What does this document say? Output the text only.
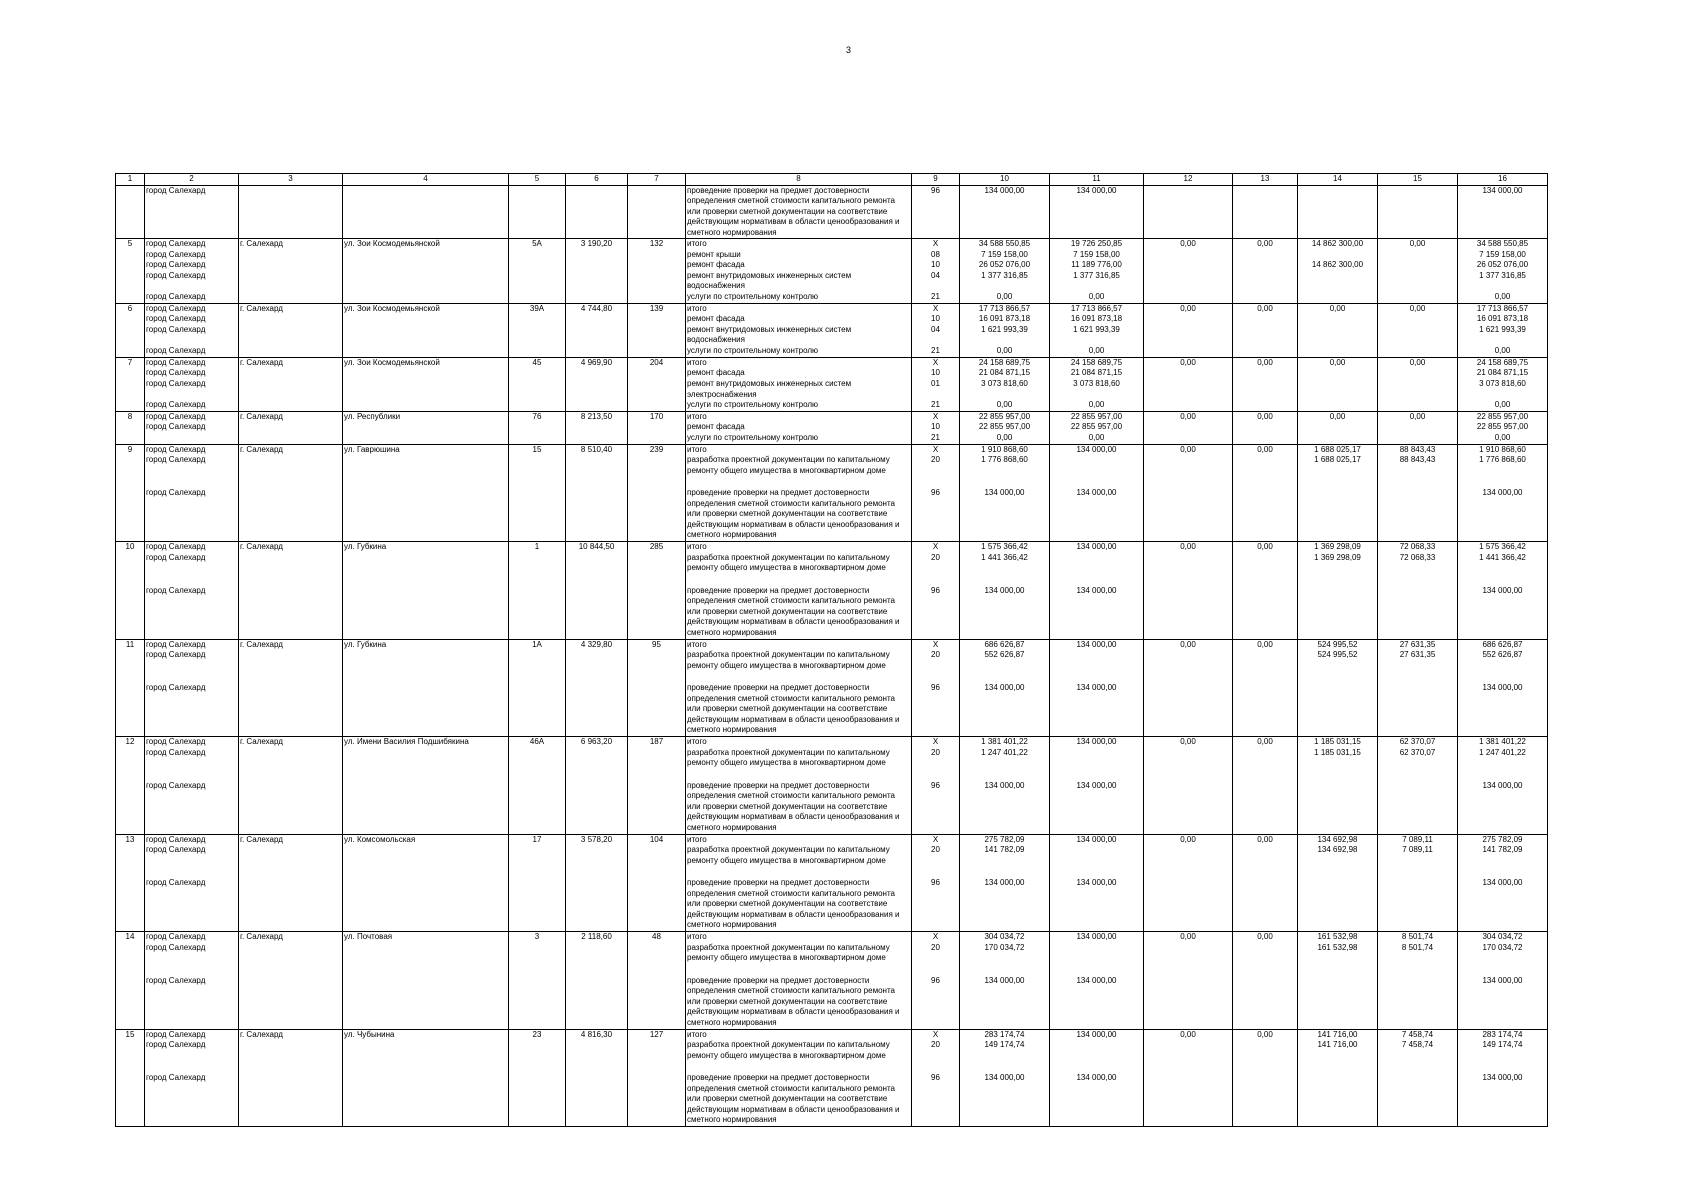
3
1	2	3	4	5	6	7	8	9	10	11	12	13	14	15	16
	город Салехард						проведение проверки на предмет достоверности определения сметной стоимости капитального ремонта или проверки сметной документации на соответствие действующим нормативам в области ценообразования и сметного нормирования	96	134 000,00	134 000,00					134 000,00
5	город Салехард	г. Салехард	ул. Зои Космодемьянской	5А	3 190,20	132	итого	X	34 588 550,85	19 726 250,85	0,00	0,00	14 862 300,00	0,00	34 588 550,85
	город Салехард						ремонт крыши	08	7 159 158,00	7 159 158,00					7 159 158,00
	город Салехард						ремонт фасада	10	26 052 076,00	11 189 776,00			14 862 300,00		26 052 076,00
	город Салехард						ремонт внутридомовых инженерных систем водоснабжения	04	1 377 316,85	1 377 316,85					1 377 316,85
	город Салехард						услуги по строительному контролю	21	0,00	0,00					0,00
6	город Салехард	г. Салехард	ул. Зои Космодемьянской	39А	4 744,80	139	итого	X	17 713 866,57	17 713 866,57	0,00	0,00	0,00	0,00	17 713 866,57
	город Салехард						ремонт фасада	10	16 091 873,18	16 091 873,18					16 091 873,18
	город Салехард						ремонт внутридомовых инженерных систем водоснабжения	04	1 621 993,39	1 621 993,39					1 621 993,39
	город Салехард						услуги по строительному контролю	21	0,00	0,00					0,00
7	город Салехард	г. Салехард	ул. Зои Космодемьянской	45	4 969,90	204	итого	X	24 158 689,75	24 158 689,75	0,00	0,00	0,00	0,00	24 158 689,75
	город Салехард						ремонт фасада	10	21 084 871,15	21 084 871,15					21 084 871,15
	город Салехард						ремонт внутридомовых инженерных систем электроснабжения	01	3 073 818,60	3 073 818,60					3 073 818,60
	город Салехард						услуги по строительному контролю	21	0,00	0,00					0,00
8	город Салехард	г. Салехард	ул. Республики	76	8 213,50	170	итого	X	22 855 957,00	22 855 957,00	0,00	0,00	0,00	0,00	22 855 957,00
	город Салехард						ремонт фасада	10	22 855 957,00	22 855 957,00					22 855 957,00
							услуги по строительному контролю	21	0,00	0,00					0,00
9	город Салехард	г. Салехард	ул. Гаврюшина	15	8 510,40	239	итого	X	1 910 868,60	134 000,00	0,00	0,00	1 688 025,17	88 843,43	1 910 868,60
	город Салехард						разработка проектной документации по капитальному ремонту общего имущества в многоквартирном доме	20	1 776 868,60				1 688 025,17	88 843,43	1 776 868,60
	город Салехард						проведение проверки на предмет достоверности определения сметной стоимости капитального ремонта или проверки сметной документации на соответствие действующим нормативам в области ценообразования и сметного нормирования	96	134 000,00	134 000,00					134 000,00
10	город Салехард	г. Салехард	ул. Губкина	1	10 844,50	285	итого	X	1 575 366,42	134 000,00	0,00	0,00	1 369 298,09	72 068,33	1 575 366,42
	город Салехард						разработка проектной документации по капитальному ремонту общего имущества в многоквартирном доме	20	1 441 366,42				1 369 298,09	72 068,33	1 441 366,42
	город Салехард						проведение проверки на предмет достоверности определения сметной стоимости капитального ремонта или проверки сметной документации на соответствие действующим нормативам в области ценообразования и сметного нормирования	96	134 000,00	134 000,00					134 000,00
11	город Салехард	г. Салехард	ул. Губкина	1А	4 329,80	95	итого	X	686 626,87	134 000,00	0,00	0,00	524 995,52	27 631,35	686 626,87
	город Салехард						разработка проектной документации по капитальному ремонту общего имущества в многоквартирном доме	20	552 626,87				524 995,52	27 631,35	552 626,87
	город Салехард						проведение проверки на предмет достоверности определения сметной стоимости капитального ремонта или проверки сметной документации на соответствие действующим нормативам в области ценообразования и сметного нормирования	96	134 000,00	134 000,00					134 000,00
12	город Салехард	г. Салехард	ул. Имени Василия Подшибякина	46А	6 963,20	187	итого	X	1 381 401,22	134 000,00	0,00	0,00	1 185 031,15	62 370,07	1 381 401,22
	город Салехард						разработка проектной документации по капитальному ремонту общего имущества в многоквартирном доме	20	1 247 401,22				1 185 031,15	62 370,07	1 247 401,22
	город Салехард						проведение проверки на предмет достоверности определения сметной стоимости капитального ремонта или проверки сметной документации на соответствие действующим нормативам в области ценообразования и сметного нормирования	96	134 000,00	134 000,00					134 000,00
13	город Салехард	г. Салехард	ул. Комсомольская	17	3 578,20	104	итого	X	275 782,09	134 000,00	0,00	0,00	134 692,98	7 089,11	275 782,09
	город Салехард						разработка проектной документации по капитальному ремонту общего имущества в многоквартирном доме	20	141 782,09				134 692,98	7 089,11	141 782,09
	город Салехард						проведение проверки на предмет достоверности определения сметной стоимости капитального ремонта или проверки сметной документации на соответствие действующим нормативам в области ценообразования и сметного нормирования	96	134 000,00	134 000,00					134 000,00
14	город Салехард	г. Салехард	ул. Почтовая	3	2 118,60	48	итого	X	304 034,72	134 000,00	0,00	0,00	161 532,98	8 501,74	304 034,72
	город Салехард						разработка проектной документации по капитальному ремонту общего имущества в многоквартирном доме	20	170 034,72				161 532,98	8 501,74	170 034,72
	город Салехард						проведение проверки на предмет достоверности определения сметной стоимости капитального ремонта или проверки сметной документации на соответствие действующим нормативам в области ценообразования и сметного нормирования	96	134 000,00	134 000,00					134 000,00
15	город Салехард	г. Салехард	ул. Чубынина	23	4 816,30	127	итого	X	283 174,74	134 000,00	0,00	0,00	141 716,00	7 458,74	283 174,74
	город Салехард						разработка проектной документации по капитальному ремонту общего имущества в многоквартирном доме	20	149 174,74				141 716,00	7 458,74	149 174,74
	город Салехард						проведение проверки на предмет достоверности определения сметной стоимости капитального ремонта или проверки сметной документации на соответствие действующим нормативам в области ценообразования и сметного нормирования	96	134 000,00	134 000,00					134 000,00
